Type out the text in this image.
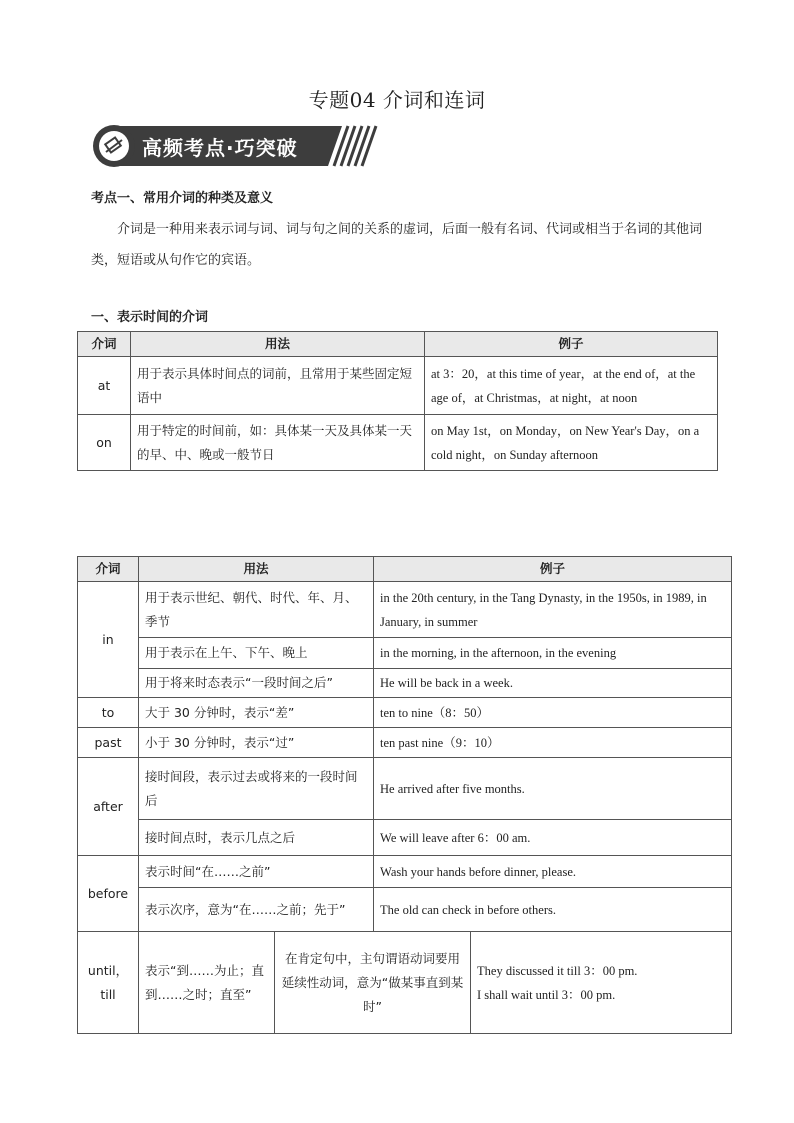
专题04 介词和连词
高频考点·巧突破
考点一、常用介词的种类及意义
介词是一种用来表示词与词、词与句之间的关系的虚词，后面一般有名词、代词或相当于名词的其他词类，短语或从句作它的宾语。
一、表示时间的介词
介词	用法	例子
at	用于表示具体时间点的词前，且常用于某些固定短语中	at 3：20，at this time of year，at the end of，at the age of，at Christmas，at night，at noon
on	用于特定的时间前，如：具体某一天及具体某一天的早、中、晚或一般节日	on May 1st，on Monday，on New Year's Day，on a cold night，on Sunday afternoon
介词	用法		例子	
in	用于表示世纪、朝代、时代、年、月、季节		in the 20th century, in the Tang Dynasty, in the 1950s, in 1989, in January, in summer	
	用于表示在上午、下午、晚上		in the morning, in the afternoon, in the evening	
	用于将来时态表示“一段时间之后”		He will be back in a week.	
to	大于 30 分钟时，表示“差”		ten to nine（8：50）	
past	小于 30 分钟时，表示“过”		ten past nine（9：10）	
after	接时间段，表示过去或将来的一段时间后		He arrived after five months.	
	接时间点时，表示几点之后		We will leave after 6：00 am.	
before	表示时间“在……之前”		Wash your hands before dinner, please.	
	表示次序，意为“在……之前；先于”		The old can check in before others.	
until，till	表示“到……为止；直到……之时；直至”	在肯定句中，主句谓语动词要用延续性动词，意为“做某事直到某时”		They discussed it till 3：00 pm.
I shall wait until 3：00 pm.
